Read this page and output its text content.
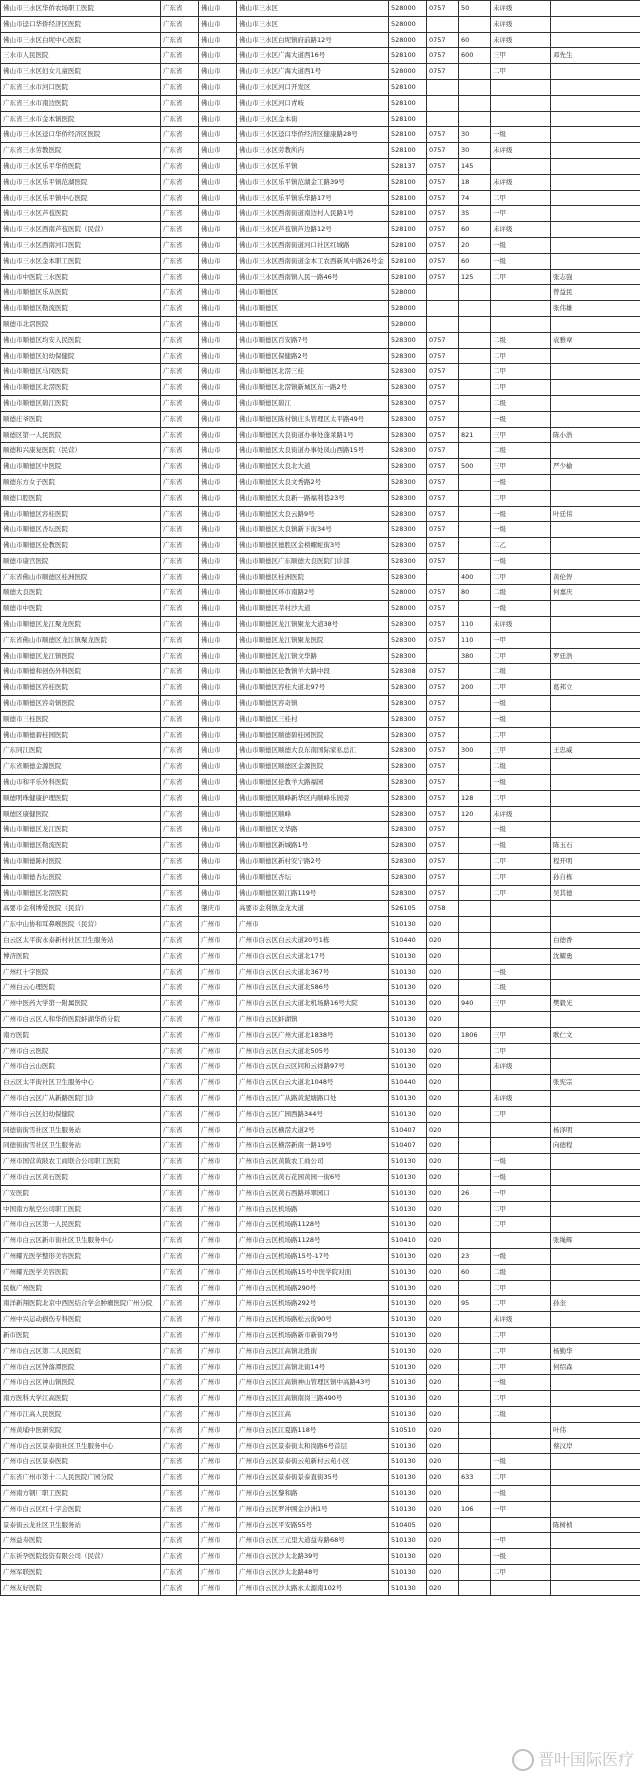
佛山市三水区华侨农场职工医院	广东省	佛山市	佛山市三水区	528000	0757	50	未评级	
佛山市迳口华侨经济区医院	广东省	佛山市	佛山市三水区	528000			未评级	
佛山市三水区白坭中心医院	广东省	佛山市	佛山市三水区白坭镇府前路12号	528000	0757	60	未评级	
三水市人民医院	广东省	佛山市	佛山市三水区广海大道西16号	528100	0757	600	三甲	邓先生
佛山市三水区妇女儿童医院	广东省	佛山市	佛山市三水区广海大道西1号	528000	0757		二甲	
广东省三水市河口医院	广东省	佛山市	佛山市三水区河口开发区	528100				
广东省三水市南边医院	广东省	佛山市	佛山市三水区河口青岐	528100				
广东省三水市金本镇医院	广东省	佛山市	佛山市三水区金本街	528100				
佛山市三水区迳口华侨经济区医院	广东省	佛山市	佛山市三水区迳口华侨经济区健康路28号	528100	0757	30	一级	
广东省三水劳教医院	广东省	佛山市	佛山市三水区劳教所内	528100	0757	30	未评级	
佛山市三水区乐平华侨医院	广东省	佛山市	佛山市三水区乐平镇	528137	0757	145		
佛山市三水区乐平镇范湖医院	广东省	佛山市	佛山市三水区乐平镇范湖金工路39号	528100	0757	18	未评级	
佛山市三水区乐平镇中心医院	广东省	佛山市	佛山市三水区乐平镇乐华路17号	528100	0757	74	二甲	
佛山市三水区芦苞医院	广东省	佛山市	佛山市三水区西南街道南边村人民路1号	528100	0757	35	一甲	
佛山市三水区西南芦苞医院（民营）	广东省	佛山市	佛山市三水区芦苞镇芦边路12号	528100	0757	60	未评级	
佛山市三水区西南河口医院	广东省	佛山市	佛山市三水区西南街道河口社区红城路	528100	0757	20	一级	
佛山市三水区金本职工医院	广东省	佛山市	佛山市三水区西南街道金本工农西新风中路26号金	528100	0757	60	一级	
佛山市中医院三水医院	广东省	佛山市	佛山市三水区西南镇人民一路46号	528100	0757	125	二甲	张志强
佛山市顺德区乐从医院	广东省	佛山市	佛山市顺德区	528000				曾益民
佛山市顺德区勒流医院	广东省	佛山市	佛山市顺德区	528000				张伟雄
顺德市北滘医院	广东省	佛山市	佛山市顺德区	528000				
佛山市顺德区均安人民医院	广东省	佛山市	佛山市顺德区百安路7号	528300	0757		二级	袁雅章
佛山市顺德区妇幼保健院	广东省	佛山市	佛山市顺德区保健路2号	528300	0757		二甲	
佛山市顺德区马冈医院	广东省	佛山市	佛山市顺德区北滘三桂	528300	0757		二甲	
佛山市顺德区北滘医院	广东省	佛山市	佛山市顺德区北滘镇新城区东一路2号	528300	0757		二甲	
佛山市顺德区碧江医院	广东省	佛山市	佛山市顺德区碧江	528300	0757		二级	
顺德庄爷医院	广东省	佛山市	佛山市顺德区陈村镇庄头管理区太平路49号	528300	0757		一级	
顺德区第一人民医院	广东省	佛山市	佛山市顺德区大良街道办事处蓬莱路1号	528300	0757	821	三甲	陈小浩
顺德和兴康复医院（民营）	广东省	佛山市	佛山市顺德区大良街道办事处凤山西路15号	528300	0757		二级	
佛山市顺德区中医院	广东省	佛山市	佛山市顺德区大良北大道	528300	0757	500	三甲	严少榆
顺德东方女子医院	广东省	佛山市	佛山市顺德区大良文秀路2号	528300	0757		一级	
顺德口腔医院	广东省	佛山市	佛山市顺德区大良新一路福利巷23号	528300	0757		二甲	
佛山市顺德区容桂医院	广东省	佛山市	佛山市顺德区大良云路9号	528300	0757		一级	叶廷伟
佛山市顺德区杏坛医院	广东省	佛山市	佛山市顺德区大良镇新下街34号	528300	0757		一级	
佛山市顺德区伦教医院	广东省	佛山市	佛山市顺德区德胜区金榜螺蛇街3号	528300	0757		二乙	
顺德市康宫医院	广东省	佛山市	佛山市顺德区广东顺德大良医院门诊部	528300	0757		一级	
广东省佛山市顺德区桂洲医院	广东省	佛山市	佛山市顺德区桂洲医院	528300		400	二甲	黄伦智
顺德大良医院	广东省	佛山市	佛山市顺德区环市南路2号	528000	0757	80	二级	何嘉庆
顺德市中医院	广东省	佛山市	佛山市顺德区莘村沙大道	528000	0757		一级	
佛山市顺德区龙江聚龙医院	广东省	佛山市	佛山市顺德区龙江镇聚龙大道38号	528300	0757	110	未评级	
广东省佛山市顺德区龙江镇聚龙医院	广东省	佛山市	佛山市顺德区龙江镇聚龙医院	528300	0757	110	一甲	
佛山市顺德区龙江镇医院	广东省	佛山市	佛山市顺德区龙江镇文华路	528300		380	二甲	罗廷浩
佛山市顺德和创伤外科医院	广东省	佛山市	佛山市顺德区伦教镇羊大路中段	528308	0757		二级	
佛山市顺德区容桂医院	广东省	佛山市	佛山市顺德区容桂大道北97号	528300	0757	200	二甲	葛邦立
佛山市顺德区容奇镇医院	广东省	佛山市	佛山市顺德区容奇镇	528300	0757		一级	
顺德市三桂医院	广东省	佛山市	佛山市顺德区三桂村	528300	0757		一级	
佛山市顺德碧桂园医院	广东省	佛山市	佛山市顺德区顺德碧桂园医院	528300	0757		二甲	
广东同江医院	广东省	佛山市	佛山市顺德区顺德大良东南国际家私总汇	528300	0757	300	三甲	王忠威
广东省顺德金源医院	广东省	佛山市	佛山市顺德区顺德区金源医院	528300	0757		二级	
佛山市和平乐外科医院	广东省	佛山市	佛山市顺德区伦教羊大路福园	528300	0757		一级	
顺德明珠健康护理医院	广东省	佛山市	佛山市顺德区顺峰新华区内顺峰乐园旁	528300	0757	128	二甲	
顺德区康健医院	广东省	佛山市	佛山市顺德区顺峰	528300	0757	120	未评级	
佛山市顺德区龙江医院	广东省	佛山市	佛山市顺德区文华路	528300	0757		一级	
佛山市顺德区勒流医院	广东省	佛山市	佛山市顺德区新城路1号	528300	0757		一级	陈玉石
佛山市顺德陈村医院	广东省	佛山市	佛山市顺德区新村安宁路2号	528300	0757		二甲	程开明
佛山市顺德杏坛医院	广东省	佛山市	佛山市顺德区杏坛	528300	0757		二甲	孙自栋
佛山市顺德区北滘医院	广东省	佛山市	佛山市顺德区碧江路119号	528300	0757		二甲	吴其德
高要市金利博爱医院（民营）	广东省	肇庆市	高要市金利镇金龙大道	526105	0758			
广东中山协和耳鼻喉医院（民营）	广东省	广州市	广州市	510130	020			
白云区太平街永泰新村社区卫生服务站	广东省	广州市	广州市白云区白云大道20号1栋	510440	020			白德香
博济医院	广东省	广州市	广州市白云区白云大道北17号	510130	020			沈耀勇
广州红十字医院	广东省	广州市	广州市白云区白云大道北367号	510130	020		一级	
广州白云心理医院	广东省	广州市	广州市白云区白云大道北586号	510130	020		二级	
广州中医药大学第一附属医院	广东省	广州市	广州市白云区白云大道北机场路16号大院	510130	020	940	三甲	樊毅光
广州市白云区人和华侨医院蚌湖华侨分院	广东省	广州市	广州市白云区蚌湖镇	510130	020			
南方医院	广东省	广州市	广州市白云区广州大道北1838号	510130	020	1806	三甲	歌仁文
广州市白云医院	广东省	广州市	广州市白云区白云大道北505号	510130	020		二甲	
广州市白云山医院	广东省	广州市	广州市白云区白云区同和云祥路97号	510130	020		未评级	
白云区太平街社区卫生服务中心	广东省	广州市	广州市白云区白云大道北1048号	510440	020			张宪宗
广州市白云区广从新路医院门诊	广东省	广州市	广州市白云区广从路黄泥塘路口处	510130	020		未评级	
广州市白云区妇幼保健院	广东省	广州市	广州市白云区广园西路344号	510130	020		二甲	
同德街街雪社区卫生服务站	广东省	广州市	广州市白云区横滘大道2号	510407	020			杨泽明
同德街街雪社区卫生服务站	广东省	广州市	广州市白云区横滘新南一路19号	510407	020			向德程
广州市国营黄陂农工商联合公司职工医院	广东省	广州市	广州市白云区黄陂农工商公司	510130	020		一级	
广州市白云区黄石医院	广东省	广州市	广州市白云区黄石花园黄园一街6号	510130	020		一级	
广安医院	广东省	广州市	广州市白云区黄石西路环翠园口	510130	020	26	一甲	
中国南方航空公司职工医院	广东省	广州市	广州市白云区机场路	510130	020		二甲	
广州市白云区第一人民医院	广东省	广州市	广州市白云区机场路1128号	510130	020		二甲	
广州市白云区新市街社区卫生服务中心	广东省	广州市	广州市白云区机场路1128号	510410	020			张绳辉
广州耀光医学整形美容医院	广东省	广州市	广州市白云区机场路15号-17号	510130	020	23	一级	
广州耀光医学美容医院	广东省	广州市	广州市白云区机场路15号中医学院对面	510130	020	60	二级	
民航广州医院	广东省	广州市	广州市白云区机场路290号	510130	020		二甲	
南洋新翔医院北京中西医结合学会肿瘤医院广州分院	广东省	广州市	广州市白云区机场路292号	510130	020	95	二甲	孙奎
广州中兴运动损伤专科医院	广东省	广州市	广州市白云区机场路松云街90号	510130	020		未评级	
新市医院	广东省	广州市	广州市白云区机场路新市新街79号	510130	020		二甲	
广州市白云区第二人民医院	广东省	广州市	广州市白云区江高镇北胜街	510130	020		二甲	杨勤华
广州市白云区钟落潭医院	广东省	广州市	广州市白云区江高镇北街14号	510130	020		二甲	何绍森
广州市白云区神山镇医院	广东省	广州市	广州市白云区江高镇神山管理区镇中高路43号	510130	020		一级	
南方医科大学江高医院	广东省	广州市	广州市白云区江高镇南岗三路490号	510130	020		二甲	
广州市江高人民医院	广东省	广州市	广州市白云区江高	510130	020		二级	
广州黄埔中医研究院	广东省	广州市	广州市白云区江夏路118号	510510	020			叶伟
广州市白云区景泰街社区卫生服务中心	广东省	广州市	广州市白云区景泰街太和岗路6号首层	510130	020			蔡汉岸
广州市白云区景泰医院	广东省	广州市	广州市白云区景泰街云苑新村云苑小区	510130	020		一级	
广东省广州市第十二人民医院广园分院	广东省	广州市	广州市白云区景泰街景泰直街35号	510130	020	633	二甲	
广州南方钢厂职工医院	广东省	广州市	广州市白云区黎和路	510130	020		一级	
广州市白云区红十字会医院	广东省	广州市	广州市白云区罗冲围金沙洲1号	510130	020	106	一甲	
景泰街云龙社区卫生服务站	广东省	广州市	广州市白云区平安路55号	510405	020			陈树桢
广州益寿医院	广东省	广州市	广州市白云区三元里大道益寿路68号	510130	020		一甲	
广东祈孕医院投资有限公司（民营）	广东省	广州市	广州市白云区沙太北路39号	510130	020		一级	
广州军联医院	广东省	广州市	广州市白云区沙太北路48号	510130	020		二甲	
广州友好医院	广东省	广州市	广州市白云区沙太路永太源南102号	510130	020			
晋叶国际医疗
